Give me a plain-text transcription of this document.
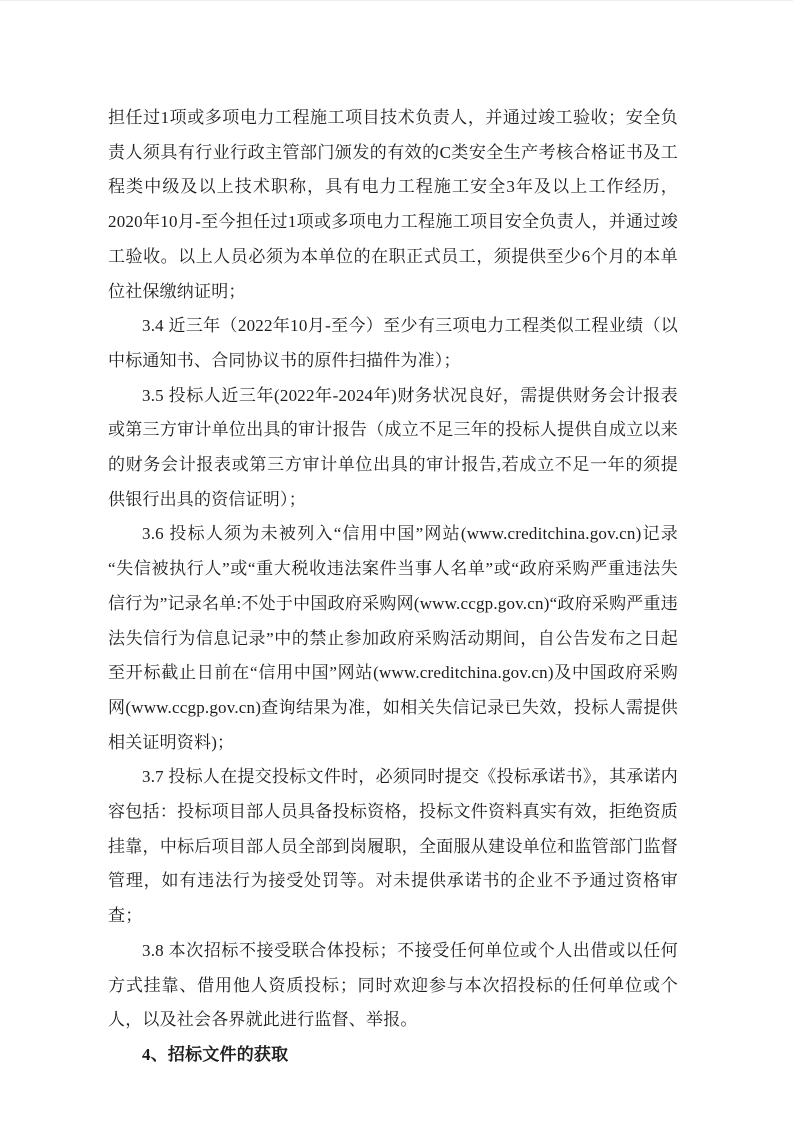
担任过1项或多项电力工程施工项目技术负责人，并通过竣工验收；安全负责人须具有行业行政主管部门颁发的有效的C类安全生产考核合格证书及工程类中级及以上技术职称，具有电力工程施工安全3年及以上工作经历，2020年10月-至今担任过1项或多项电力工程施工项目安全负责人，并通过竣工验收。以上人员必须为本单位的在职正式员工，须提供至少6个月的本单位社保缴纳证明；

3.4 近三年（2022年10月-至今）至少有三项电力工程类似工程业绩（以中标通知书、合同协议书的原件扫描件为准）；

3.5 投标人近三年(2022年-2024年)财务状况良好，需提供财务会计报表或第三方审计单位出具的审计报告（成立不足三年的投标人提供自成立以来的财务会计报表或第三方审计单位出具的审计报告,若成立不足一年的须提供银行出具的资信证明）；

3.6 投标人须为未被列入“信用中国”网站(www.creditchina.gov.cn)记录“失信被执行人”或“重大税收违法案件当事人名单”或“政府采购严重违法失信行为”记录名单:不处于中国政府采购网(www.ccgp.gov.cn)“政府采购严重违法失信行为信息记录”中的禁止参加政府采购活动期间，自公告发布之日起至开标截止日前在“信用中国”网站(www.creditchina.gov.cn)及中国政府采购网(www.ccgp.gov.cn)查询结果为准，如相关失信记录已失效，投标人需提供相关证明资料)；

3.7 投标人在提交投标文件时，必须同时提交《投标承诺书》，其承诺内容包括：投标项目部人员具备投标资格，投标文件资料真实有效，拒绝资质挂靠，中标后项目部人员全部到岗履职，全面服从建设单位和监管部门监督管理，如有违法行为接受处罚等。对未提供承诺书的企业不予通过资格审查；

3.8 本次招标不接受联合体投标；不接受任何单位或个人出借或以任何方式挂靠、借用他人资质投标；同时欢迎参与本次招投标的任何单位或个人，以及社会各界就此进行监督、举报。

4、招标文件的获取
